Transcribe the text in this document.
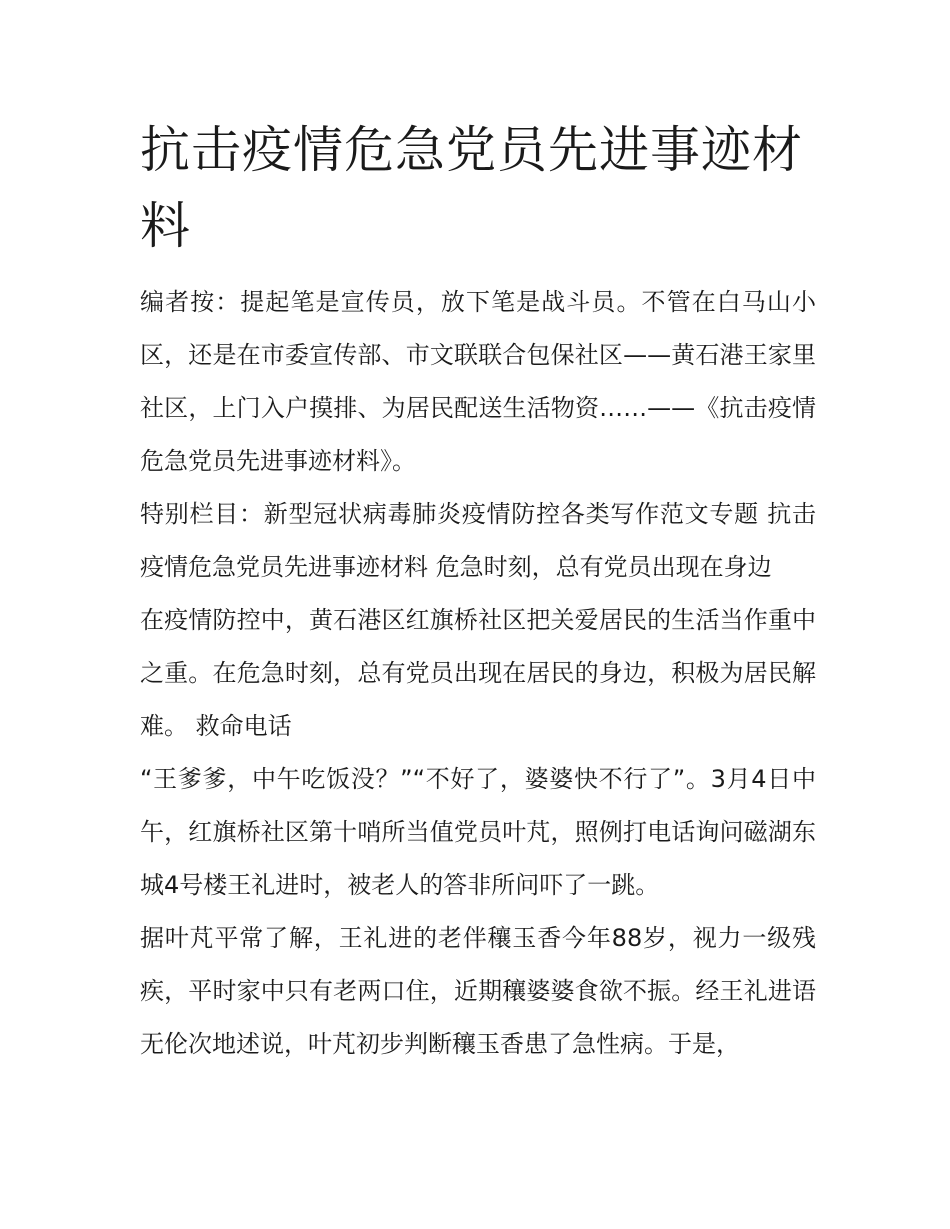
抗击疫情危急党员先进事迹材料

编者按：提起笔是宣传员，放下笔是战斗员。不管在白马山小区，还是在市委宣传部、市文联联合包保社区——黄石港王家里社区，上门入户摸排、为居民配送生活物资……——《抗击疫情危急党员先进事迹材料》。

特别栏目：新型冠状病毒肺炎疫情防控各类写作范文专题 抗击疫情危急党员先进事迹材料 危急时刻，总有党员出现在身边

在疫情防控中，黄石港区红旗桥社区把关爱居民的生活当作重中之重。在危急时刻，总有党员出现在居民的身边，积极为居民解难。 救命电话

“王爹爹，中午吃饭没？”“不好了，婆婆快不行了”。3月4日中午，红旗桥社区第十哨所当值党员叶芃，照例打电话询问磁湖东城4号楼王礼进时，被老人的答非所问吓了一跳。

据叶芃平常了解，王礼进的老伴穰玉香今年88岁，视力一级残疾，平时家中只有老两口住，近期穰婆婆食欲不振。经王礼进语无伦次地述说，叶芃初步判断穰玉香患了急性病。于是，
